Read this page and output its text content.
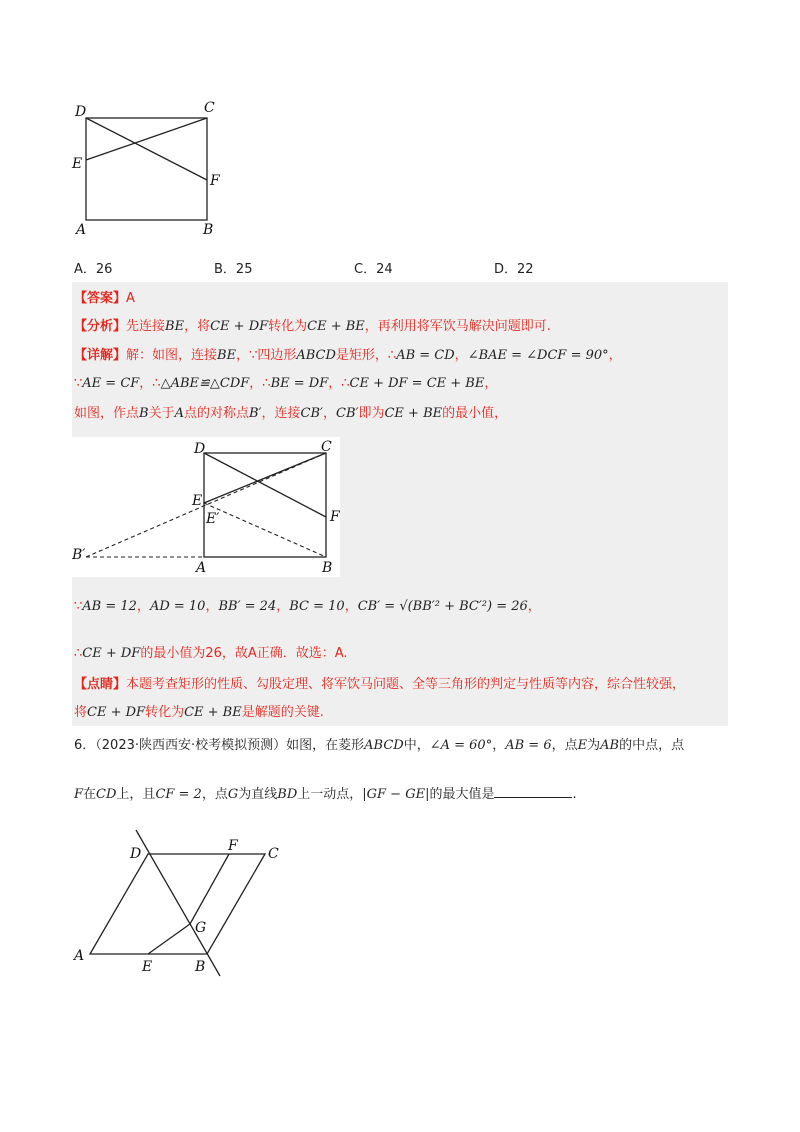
D	C
E
F
A	B
A．26	B．25	C．24	D．22
【答案】A
【分析】先连接BE，将CE + DF转化为CE + BE，再利用将军饮马解决问题即可.
【详解】解：如图，连接BE，∵四边形ABCD是矩形，∴AB = CD，∠BAE = ∠DCF = 90°，
∵AE = CF，∴△ABE≌△CDF，∴BE = DF，∴CE + DF = CE + BE，
如图，作点B关于A点的对称点B′，连接CB′，CB′即为CE + BE的最小值，
D	C
E
E′	F
B′
A	B
∵AB = 12，AD = 10，BB′ = 24，BC = 10，CB′ = √(BB′² + BC′²) = 26，
∴CE + DF的最小值为26，故A正确．故选：A.
【点睛】本题考查矩形的性质、勾股定理、将军饮马问题、全等三角形的判定与性质等内容，综合性较强，
将CE + DF转化为CE + BE是解题的关键.
6．（2023·陕西西安·校考模拟预测）如图，在菱形ABCD中，∠A = 60°，AB = 6，点E为AB的中点，点
F在CD上，且CF = 2，点G为直线BD上一动点，|GF − GE|的最大值是	.
D	F C
G
A
E	B
